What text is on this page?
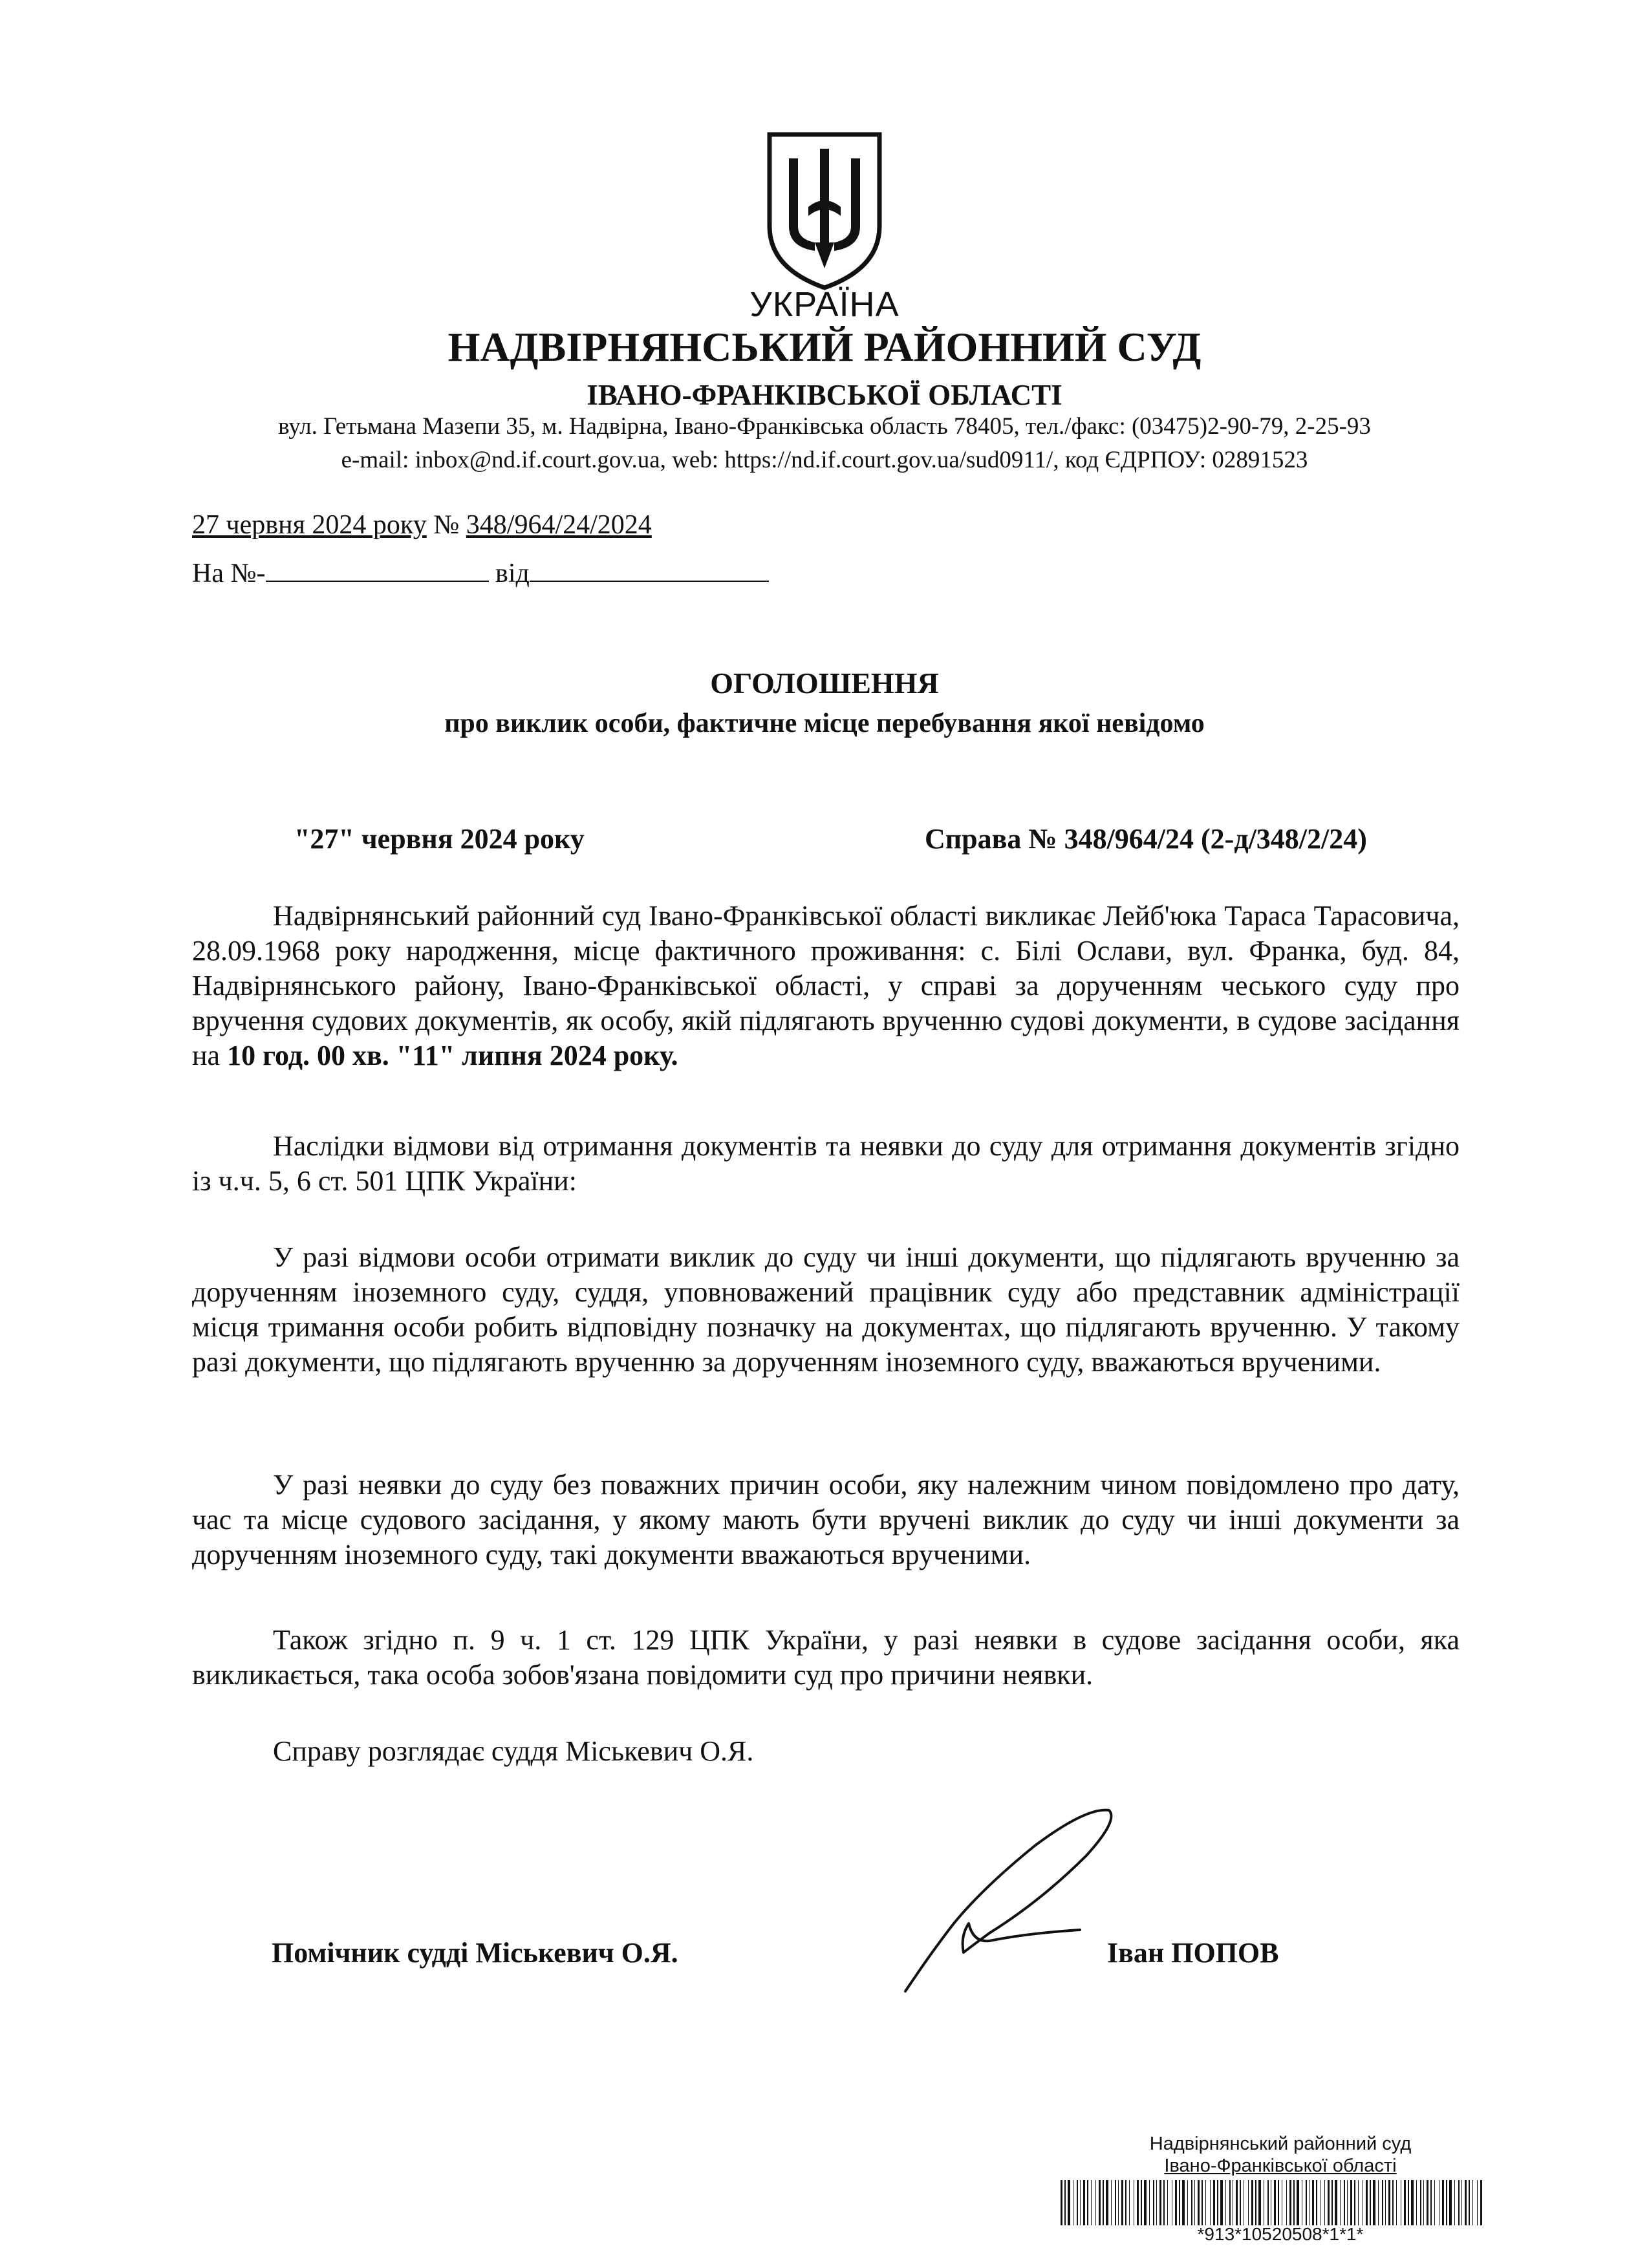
УКРАЇНА
НАДВІРНЯНСЬКИЙ РАЙОННИЙ СУД
ІВАНО-ФРАНКІВСЬКОЇ ОБЛАСТІ
вул. Гетьмана Мазепи 35, м. Надвірна, Івано-Франківська область 78405, тел./факс: (03475)2-90-79, 2-25-93
e-mail: inbox@nd.if.court.gov.ua, web: https://nd.if.court.gov.ua/sud0911/, код ЄДРПОУ: 02891523
27 червня 2024 року № 348/964/24/2024
На №-	від
ОГОЛОШЕННЯ
про виклик особи, фактичне місце перебування якої невідомо
"27" червня 2024 року	Справа № 348/964/24 (2-д/348/2/24)
Надвірнянський районний суд Івано-Франківської області викликає Лейб'юка Тараса Тарасовича, 28.09.1968 року народження, місце фактичного проживання: с. Білі Ослави, вул. Франка, буд. 84, Надвірнянського району, Івано-Франківської області, у справі за дорученням чеського суду про вручення судових документів, як особу, якій підлягають врученню судові документи, в судове засідання на 10 год. 00 хв. "11" липня 2024 року.
Наслідки відмови від отримання документів та неявки до суду для отримання документів згідно із ч.ч. 5, 6 ст. 501 ЦПК України:
У разі відмови особи отримати виклик до суду чи інші документи, що підлягають врученню за дорученням іноземного суду, суддя, уповноважений працівник суду або представник адміністрації місця тримання особи робить відповідну позначку на документах, що підлягають врученню. У такому разі документи, що підлягають врученню за дорученням іноземного суду, вважаються врученими.
У разі неявки до суду без поважних причин особи, яку належним чином повідомлено про дату, час та місце судового засідання, у якому мають бути вручені виклик до суду чи інші документи за дорученням іноземного суду, такі документи вважаються врученими.
Також згідно п. 9 ч. 1 ст. 129 ЦПК України, у разі неявки в судове засідання особи, яка викликається, така особа зобов'язана повідомити суд про причини неявки.
Справу розглядає суддя Міськевич О.Я.
Помічник судді Міськевич О.Я.	Іван ПОПОВ
Надвірнянський районний суд
Івано-Франківської області
*913*10520508*1*1*
